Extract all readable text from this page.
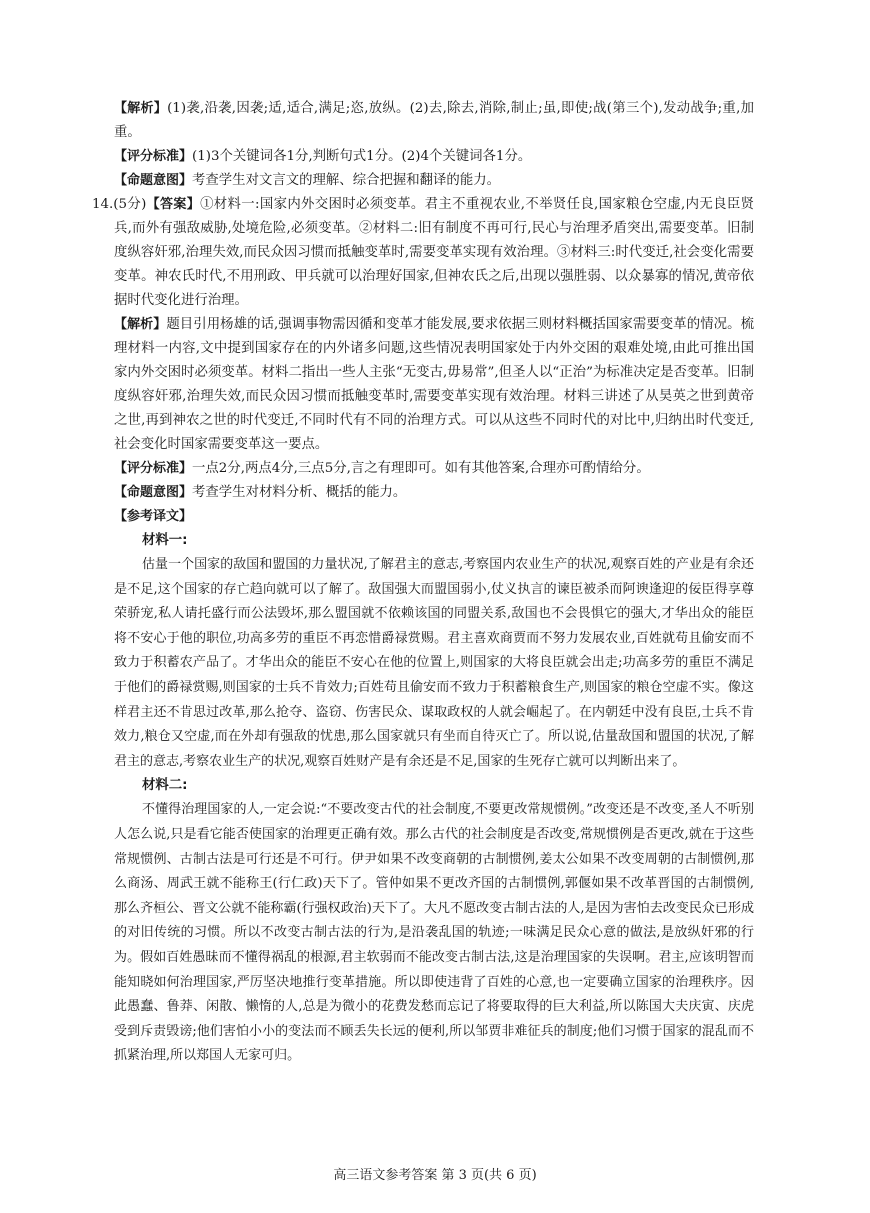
【解析】(1)袭,沿袭,因袭;适,适合,满足;恣,放纵。(2)去,除去,消除,制止;虽,即使;战(第三个),发动战争;重,加重。

【评分标准】(1)3个关键词各1分,判断句式1分。(2)4个关键词各1分。

【命题意图】考查学生对文言文的理解、综合把握和翻译的能力。

14.(5分)【答案】①材料一:国家内外交困时必须变革。君主不重视农业,不举贤任良,国家粮仓空虚,内无良臣贤兵,而外有强敌威胁,处境危险,必须变革。②材料二:旧有制度不再可行,民心与治理矛盾突出,需要变革。旧制度纵容奸邪,治理失效,而民众因习惯而抵触变革时,需要变革实现有效治理。③材料三:时代变迁,社会变化需要变革。神农氏时代,不用刑政、甲兵就可以治理好国家,但神农氏之后,出现以强胜弱、以众暴寡的情况,黄帝依据时代变化进行治理。

【解析】题目引用杨雄的话,强调事物需因循和变革才能发展,要求依据三则材料概括国家需要变革的情况。梳理材料一内容,文中提到国家存在的内外诸多问题,这些情况表明国家处于内外交困的艰难处境,由此可推出国家内外交困时必须变革。材料二指出一些人主张“无变古,毋易常”,但圣人以“正治”为标准决定是否变革。旧制度纵容奸邪,治理失效,而民众因习惯而抵触变革时,需要变革实现有效治理。材料三讲述了从昊英之世到黄帝之世,再到神农之世的时代变迁,不同时代有不同的治理方式。可以从这些不同时代的对比中,归纳出时代变迁,社会变化时国家需要变革这一要点。

【评分标准】一点2分,两点4分,三点5分,言之有理即可。如有其他答案,合理亦可酌情给分。

【命题意图】考查学生对材料分析、概括的能力。

【参考译文】

材料一:

估量一个国家的敌国和盟国的力量状况,了解君主的意志,考察国内农业生产的状况,观察百姓的产业是有余还是不足,这个国家的存亡趋向就可以了解了。敌国强大而盟国弱小,仗义执言的谏臣被杀而阿谀逢迎的佞臣得享尊荣骄宠,私人请托盛行而公法毁坏,那么盟国就不依赖该国的同盟关系,敌国也不会畏惧它的强大,才华出众的能臣将不安心于他的职位,功高多劳的重臣不再恋惜爵禄赏赐。君主喜欢商贾而不努力发展农业,百姓就苟且偷安而不致力于积蓄农产品了。才华出众的能臣不安心在他的位置上,则国家的大将良臣就会出走;功高多劳的重臣不满足于他们的爵禄赏赐,则国家的士兵不肯效力;百姓苟且偷安而不致力于积蓄粮食生产,则国家的粮仓空虚不实。像这样君主还不肯思过改革,那么抢夺、盗窃、伤害民众、谋取政权的人就会崛起了。在内朝廷中没有良臣,士兵不肯效力,粮仓又空虚,而在外却有强敌的忧患,那么国家就只有坐而自待灭亡了。所以说,估量敌国和盟国的状况,了解君主的意志,考察农业生产的状况,观察百姓财产是有余还是不足,国家的生死存亡就可以判断出来了。

材料二:

不懂得治理国家的人,一定会说:“不要改变古代的社会制度,不要更改常规惯例。”改变还是不改变,圣人不听别人怎么说,只是看它能否使国家的治理更正确有效。那么古代的社会制度是否改变,常规惯例是否更改,就在于这些常规惯例、古制古法是可行还是不可行。伊尹如果不改变商朝的古制惯例,姜太公如果不改变周朝的古制惯例,那么商汤、周武王就不能称王(行仁政)天下了。管仲如果不更改齐国的古制惯例,郭偃如果不改革晋国的古制惯例,那么齐桓公、晋文公就不能称霸(行强权政治)天下了。大凡不愿改变古制古法的人,是因为害怕去改变民众已形成的对旧传统的习惯。所以不改变古制古法的行为,是沿袭乱国的轨迹;一味满足民众心意的做法,是放纵奸邪的行为。假如百姓愚昧而不懂得祸乱的根源,君主软弱而不能改变古制古法,这是治理国家的失误啊。君主,应该明智而能知晓如何治理国家,严厉坚决地推行变革措施。所以即使违背了百姓的心意,也一定要确立国家的治理秩序。因此愚蠢、鲁莽、闲散、懒惰的人,总是为微小的花费发愁而忘记了将要取得的巨大利益,所以陈国大夫庆寅、庆虎受到斥责毁谤;他们害怕小小的变法而不顾丢失长远的便利,所以邹贾非难征兵的制度;他们习惯于国家的混乱而不抓紧治理,所以郑国人无家可归。

高三语文参考答案 第 3 页(共 6 页)
